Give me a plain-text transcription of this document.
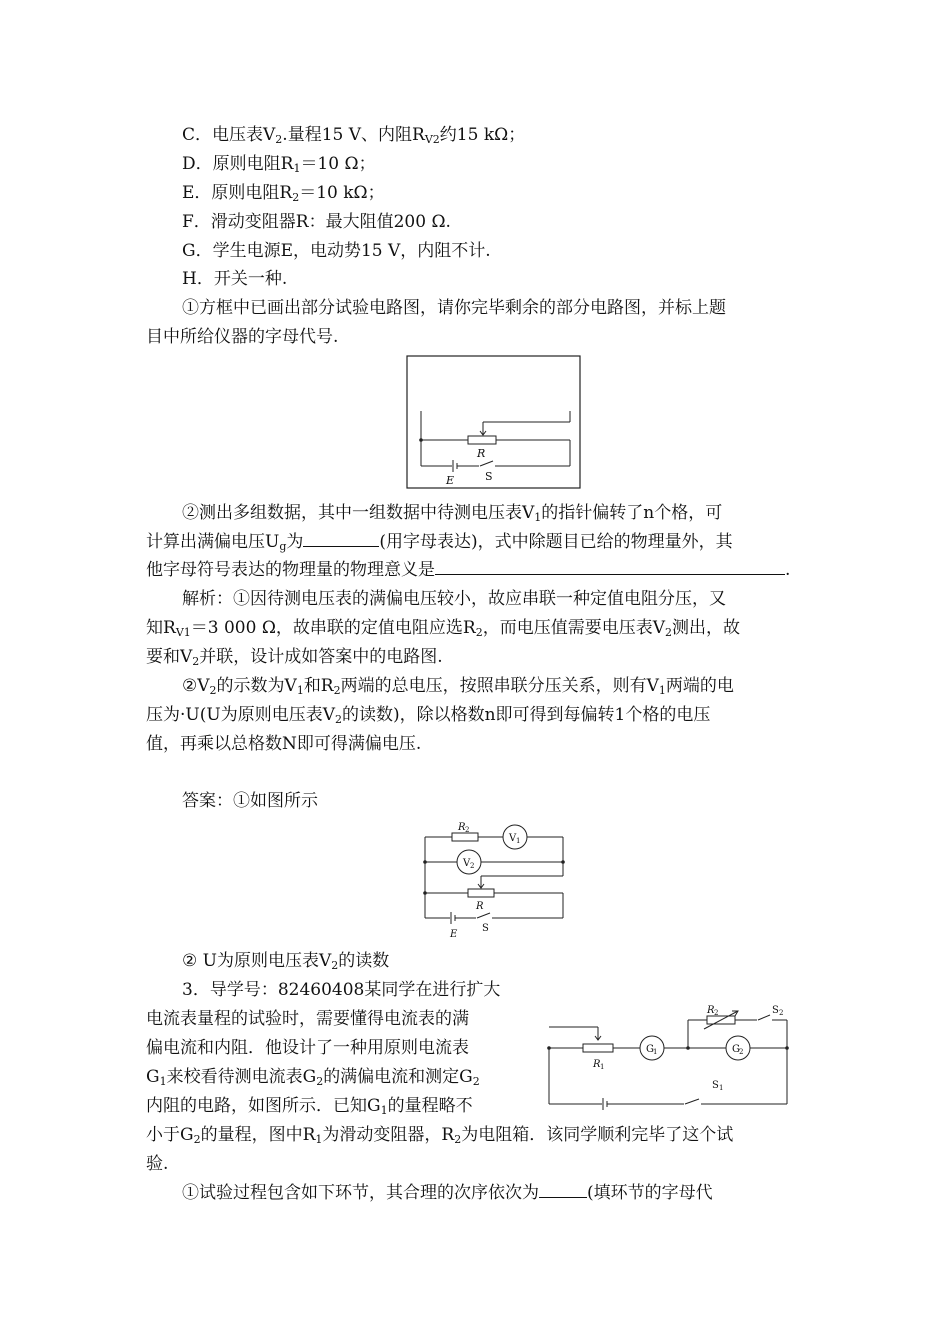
C．电压表$V_2$.量程15 V、内阻$R_{V2}$约15 kΩ；
D．原则电阻$R_1=10$ Ω；
E．原则电阻$R_2=10$ kΩ；
F．滑动变阻器R：最大阻值200 Ω.
G．学生电源E，电动势15 V，内阻不计.
H．开关一种.
①方框中已画出部分试验电路图，请你完毕剩余的部分电路图，并标上题
目中所给仪器的字母代号.
R
E	S
②测出多组数据，其中一组数据中待测电压表$V_1$的指针偏转了n个格，可
计算出满偏电压$U_g$为	(用字母表达)，式中除题目已给的物理量外，其
他字母符号表达的物理量的物理意义是	.
解析：①因待测电压表的满偏电压较小，故应串联一种定值电阻分压，又
知$R_{V1}=3$ 000 Ω，故串联的定值电阻应选$R_2$，而电压值需要电压表$V_2$测出，故
要和$V_2$并联，设计成如答案中的电路图.
$②V_2$的示数为$V_1$和$R_2$两端的总电压，按照串联分压关系，则有$V_1$两端的电
压为·U(U为原则电压表$V_2$的读数)，除以格数n即可得到每偏转1个格的电压
值，再乘以总格数N即可得满偏电压.
答案：①如图所示
R 2
V 1
V 2
R
E
S
② U为原则电压表$V_2$的读数
3．导学号：82460408某同学在进行扩大
电流表量程的试验时，需要懂得电流表的满
偏电流和内阻．他设计了一种用原则电流表
$G_1$来校看待测电流表$G_2$的满偏电流和测定$G_2$
内阻的电路，如图所示．已知$G_1$的量程略不
小于$G_2$的量程，图中$R_1$为滑动变阻器，$R_2$为电阻箱．该同学顺利完毕了这个试
验.
R 2	S 2
R 1
G 1	G 2
S 1
①试验过程包含如下环节，其合理的次序依次为	(填环节的字母代
